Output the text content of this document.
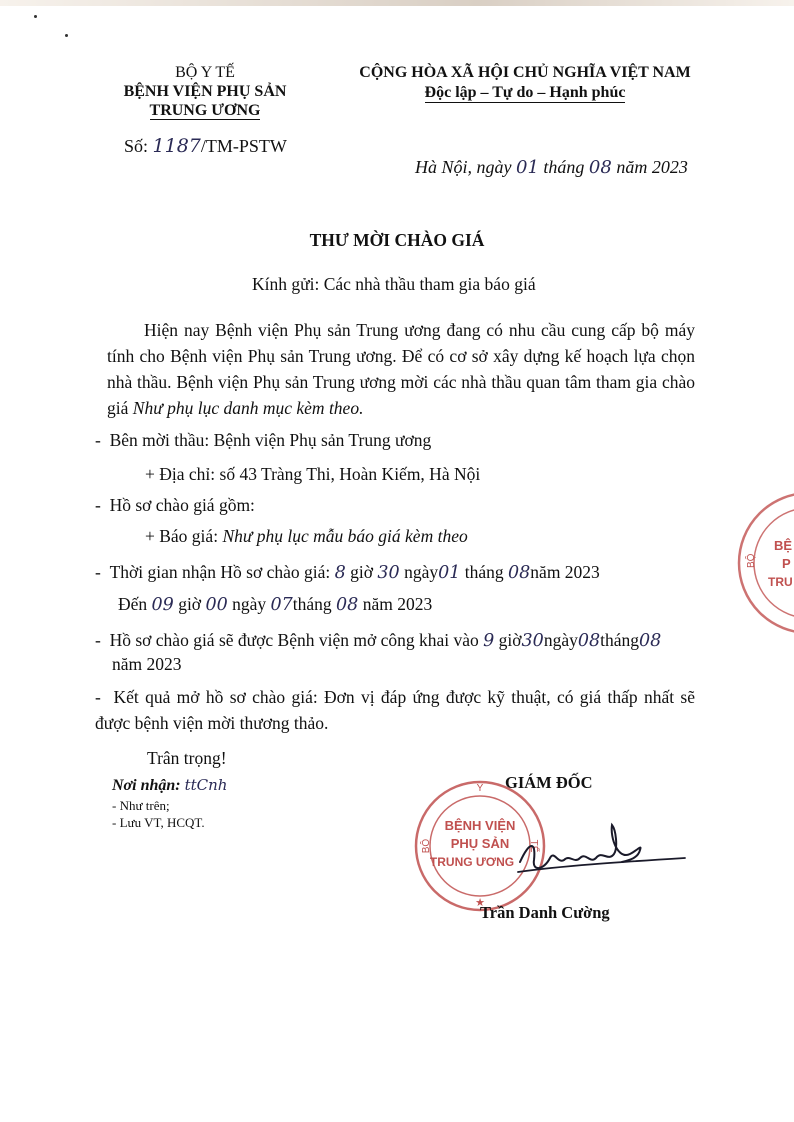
BỘ Y TẾ
BỆNH VIỆN PHỤ SẢN
TRUNG ƯƠNG
Số: 1187/TM-PSTW
CỘNG HÒA XÃ HỘI CHỦ NGHĨA VIỆT NAM
Độc lập – Tự do – Hạnh phúc
Hà Nội, ngày 01 tháng 08 năm 2023
THƯ MỜI CHÀO GIÁ
Kính gửi: Các nhà thầu tham gia báo giá
Hiện nay Bệnh viện Phụ sản Trung ương đang có nhu cầu cung cấp bộ máy tính cho Bệnh viện Phụ sản Trung ương. Để có cơ sở xây dựng kế hoạch lựa chọn nhà thầu. Bệnh viện Phụ sản Trung ương mời các nhà thầu quan tâm tham gia chào giá Như phụ lục danh mục kèm theo.
-  Bên mời thầu: Bệnh viện Phụ sản Trung ương
+ Địa chỉ: số 43 Tràng Thi, Hoàn Kiếm, Hà Nội
-  Hồ sơ chào giá gồm:
+ Báo giá: Như phụ lục mẫu báo giá kèm theo
-  Thời gian nhận Hồ sơ chào giá: 8 giờ 30 ngày01 tháng 08năm 2023
Đến 09 giờ 00 ngày 07tháng 08 năm 2023
-  Hồ sơ chào giá sẽ được Bệnh viện mở công khai vào 9 giờ30ngày08tháng08
năm 2023
-  Kết quả mở hồ sơ chào giá: Đơn vị đáp ứng được kỹ thuật, có giá thấp nhất sẽ được bệnh viện mời thương thảo.
Trân trọng!
Nơi nhận: ttCnh
- Như trên;
- Lưu VT, HCQT.
GIÁM ĐỐC
BỆNH VIỆN
PHỤ SẢN
TRUNG ƯƠNG
Y
BỘ	TẾ
★
Trần Danh Cường
BỆ
P
TRU
BỘ
